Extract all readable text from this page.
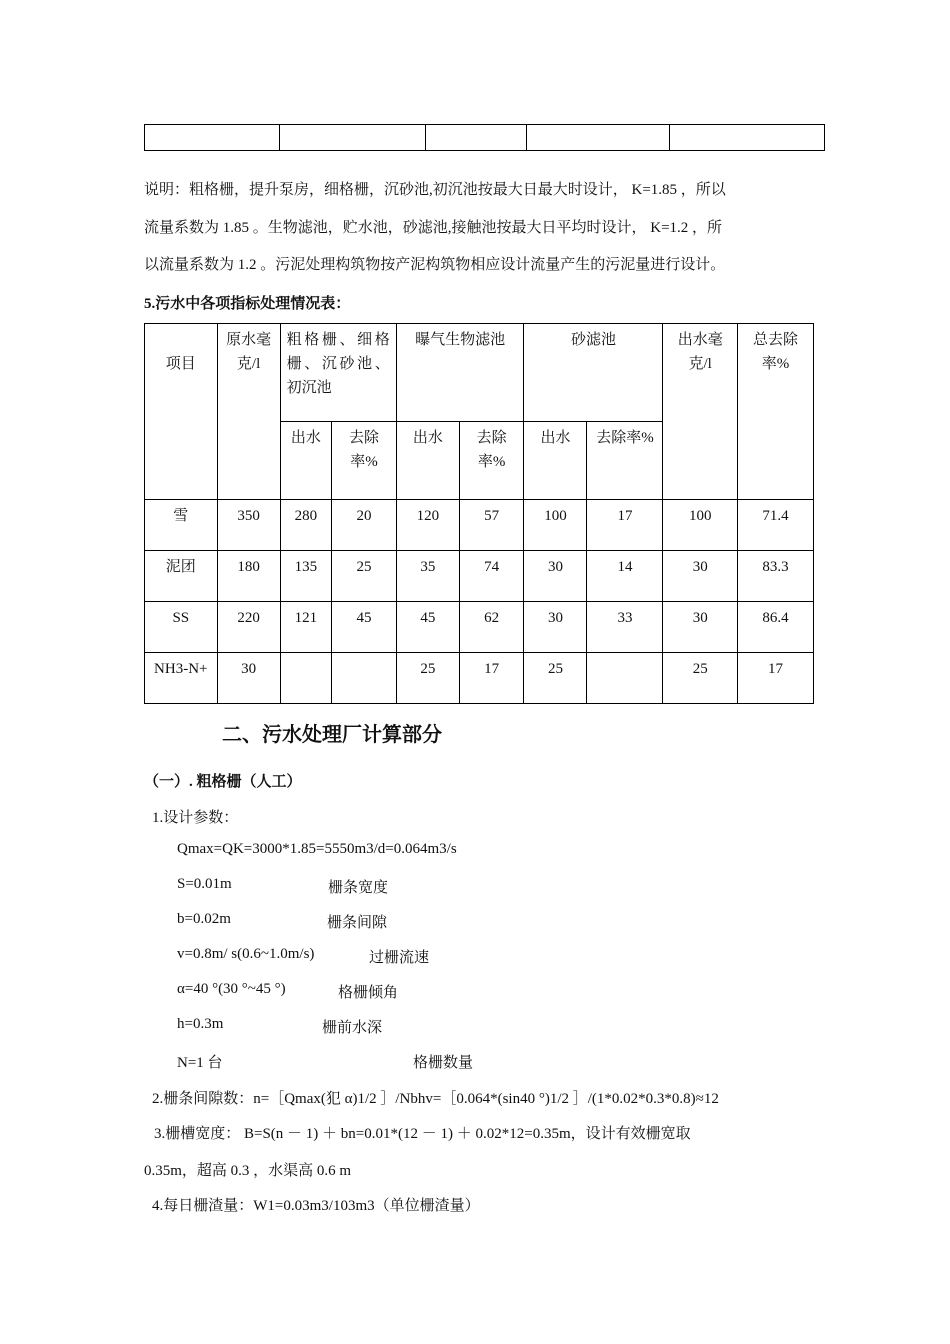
说明：粗格栅，提升泵房，细格栅，沉砂池,初沉池按最大日最大时设计， K=1.85 ，所以
流量系数为 1.85 。生物滤池，贮水池，砂滤池,接触池按最大日平均时设计， K=1.2 ，所
以流量系数为 1.2 。污泥处理构筑物按产泥构筑物相应设计流量产生的污泥量进行设计。
5.污水中各项指标处理情况表：
项目	原水毫克/l	粗格栅、细格栅、沉砂池、初沉池		曝气生物滤池		砂滤池		出水毫克/l	总去除率%
		出水	去除率%	出水	去除率%	出水	去除率%		
雪	350	280	20	120	57	100	17	100	71.4
泥团	180	135	25	35	74	30	14	30	83.3
SS	220	121	45	45	62	30	33	30	86.4
NH3-N+	30			25	17	25		25	17
二、污水处理厂计算部分
（一）. 粗格栅（人工）
1.设计参数：
Qmax=QK=3000*1.85=5550m3/d=0.064m3/s
S=0.01m	栅条宽度
b=0.02m	栅条间隙
v=0.8m/ s(0.6~1.0m/s)	过栅流速
α=40 °(30 °~45 °)	格栅倾角
h=0.3m	栅前水深
N=1 台	格栅数量
2.栅条间隙数：n=［Qmax(犯 α)1/2 ］/Nbhv=［0.064*(sin40 °)1/2 ］/(1*0.02*0.3*0.8)≈12
3.栅槽宽度： B=S(n － 1) ＋ bn=0.01*(12 － 1) ＋ 0.02*12=0.35m，设计有效栅宽取
0.35m，超高 0.3 ，水渠高 0.6 m
4.每日栅渣量：W1=0.03m3/103m3（单位栅渣量）
